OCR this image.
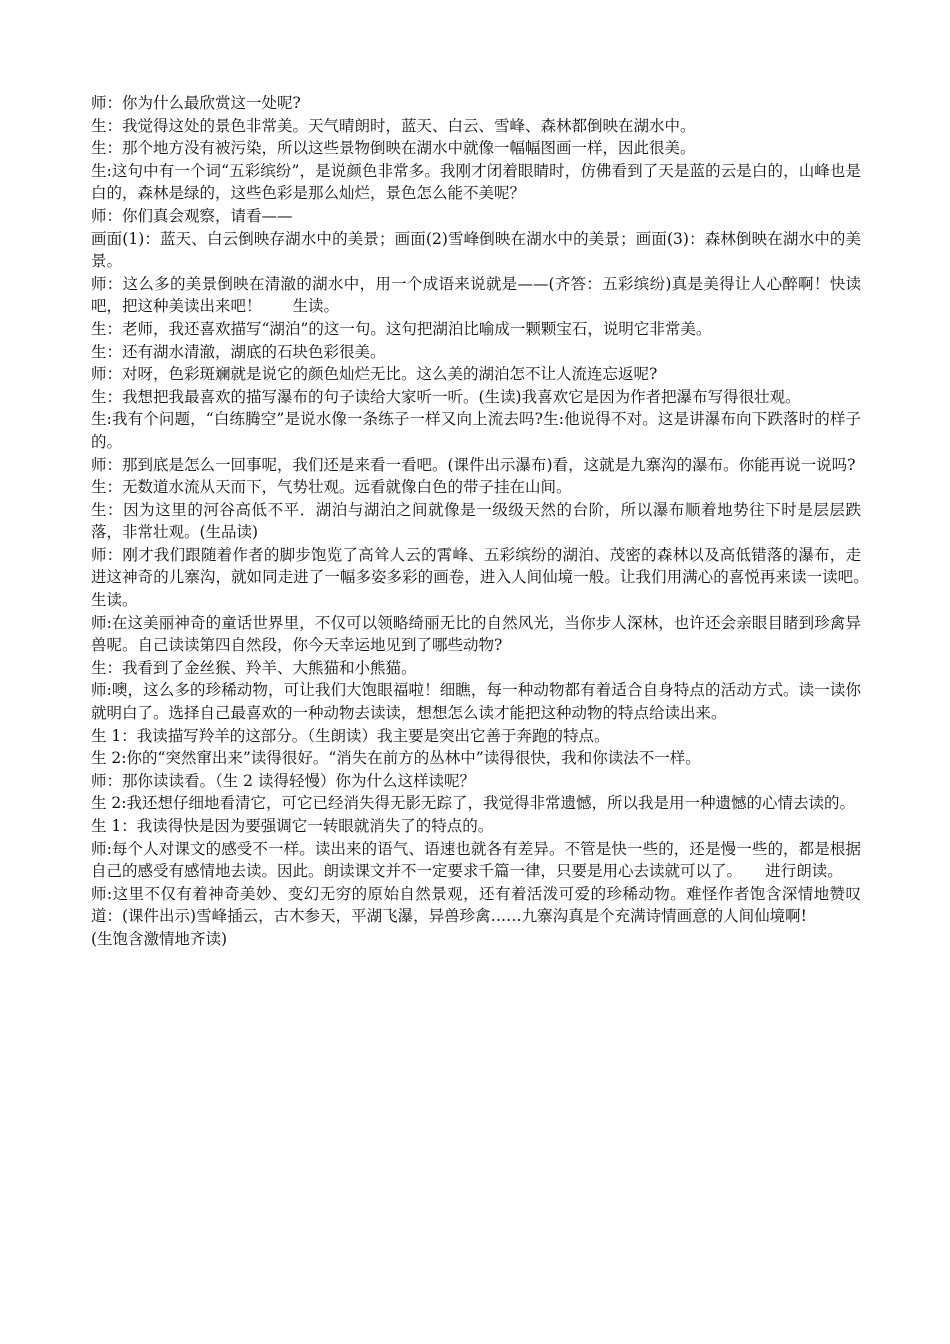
师：你为什么最欣赏这一处呢?

生：我觉得这处的景色非常美。天气晴朗时，蓝天、白云、雪峰、森林都倒映在湖水中。

生：那个地方没有被污染，所以这些景物倒映在湖水中就像一幅幅图画一样，因此很美。

生:这句中有一个词“五彩缤纷”，是说颜色非常多。我刚才闭着眼睛时，仿佛看到了天是蓝的云是白的，山峰也是白的，森林是绿的，这些色彩是那么灿烂，景色怎么能不美呢？

师：你们真会观察，请看——

画面(1)：蓝天、白云倒映存湖水中的美景；画面(2)雪峰倒映在湖水中的美景；画面(3)：森林倒映在湖水中的美景。

师：这么多的美景倒映在清澈的湖水中，用一个成语来说就是——(齐答：五彩缤纷)真是美得让人心醉啊！快读吧，把这种美读出来吧！　　生读。

生：老师，我还喜欢描写“湖泊”的这一句。这句把湖泊比喻成一颗颗宝石，说明它非常美。

生：还有湖水清澈，湖底的石块色彩很美。

师：对呀，色彩斑斓就是说它的颜色灿烂无比。这么美的湖泊怎不让人流连忘返呢?

生：我想把我最喜欢的描写瀑布的句子读给大家听一听。(生读)我喜欢它是因为作者把瀑布写得很壮观。

生:我有个问题，“白练腾空”是说水像一条练子一样又向上流去吗?生:他说得不对。这是讲瀑布向下跌落时的样子的。

师：那到底是怎么一回事呢，我们还是来看一看吧。(课件出示瀑布)看，这就是九寨沟的瀑布。你能再说一说吗?

生：无数道水流从天而下，气势壮观。远看就像白色的带子挂在山间。

生：因为这里的河谷高低不平．湖泊与湖泊之间就像是一级级天然的台阶，所以瀑布顺着地势往下时是层层跌落，非常壮观。(生品读)

师：刚才我们跟随着作者的脚步饱览了高耸人云的霄峰、五彩缤纷的湖泊、茂密的森林以及高低错落的瀑布，走进这神奇的儿寨沟，就如同走进了一幅多姿多彩的画卷，进入人间仙境一般。让我们用满心的喜悦再来读一读吧。　生读。

师:在这美丽神奇的童话世界里，不仅可以领略绮丽无比的自然风光，当你步人深林，也许还会亲眼目睹到珍禽异兽呢。自己读读第四自然段，你今天幸运地见到了哪些动物?

生：我看到了金丝猴、羚羊、大熊猫和小熊猫。

师:噢，这么多的珍稀动物，可让我们大饱眼福啦！细瞧，每一种动物都有着适合自身特点的活动方式。读一读你就明白了。选择自己最喜欢的一种动物去读读，想想怎么读才能把这种动物的特点给读出来。

生 1：我读描写羚羊的这部分。（生朗读）我主要是突出它善于奔跑的特点。

生 2:你的“突然窜出来”读得很好。“消失在前方的丛林中”读得很快，我和你读法不一样。

师：那你读读看。（生 2 读得轻慢）你为什么这样读呢？

生 2:我还想仔细地看清它，可它已经消失得无影无踪了，我觉得非常遗憾，所以我是用一种遗憾的心情去读的。

生 1：我读得快是因为要强调它一转眼就消失了的特点的。

师:每个人对课文的感受不一样。读出来的语气、语速也就各有差异。不管是快一些的，还是慢一些的，都是根据自己的感受有感情地去读。因此。朗读课文并不一定要求千篇一律，只要是用心去读就可以了。　　进行朗读。

师:这里不仅有着神奇美妙、变幻无穷的原始自然景观，还有着活泼可爱的珍稀动物。难怪作者饱含深情地赞叹道：(课件出示)雪峰插云，古木参天，平湖飞瀑，异兽珍禽……九寨沟真是个充满诗情画意的人间仙境啊!

(生饱含激情地齐读)
